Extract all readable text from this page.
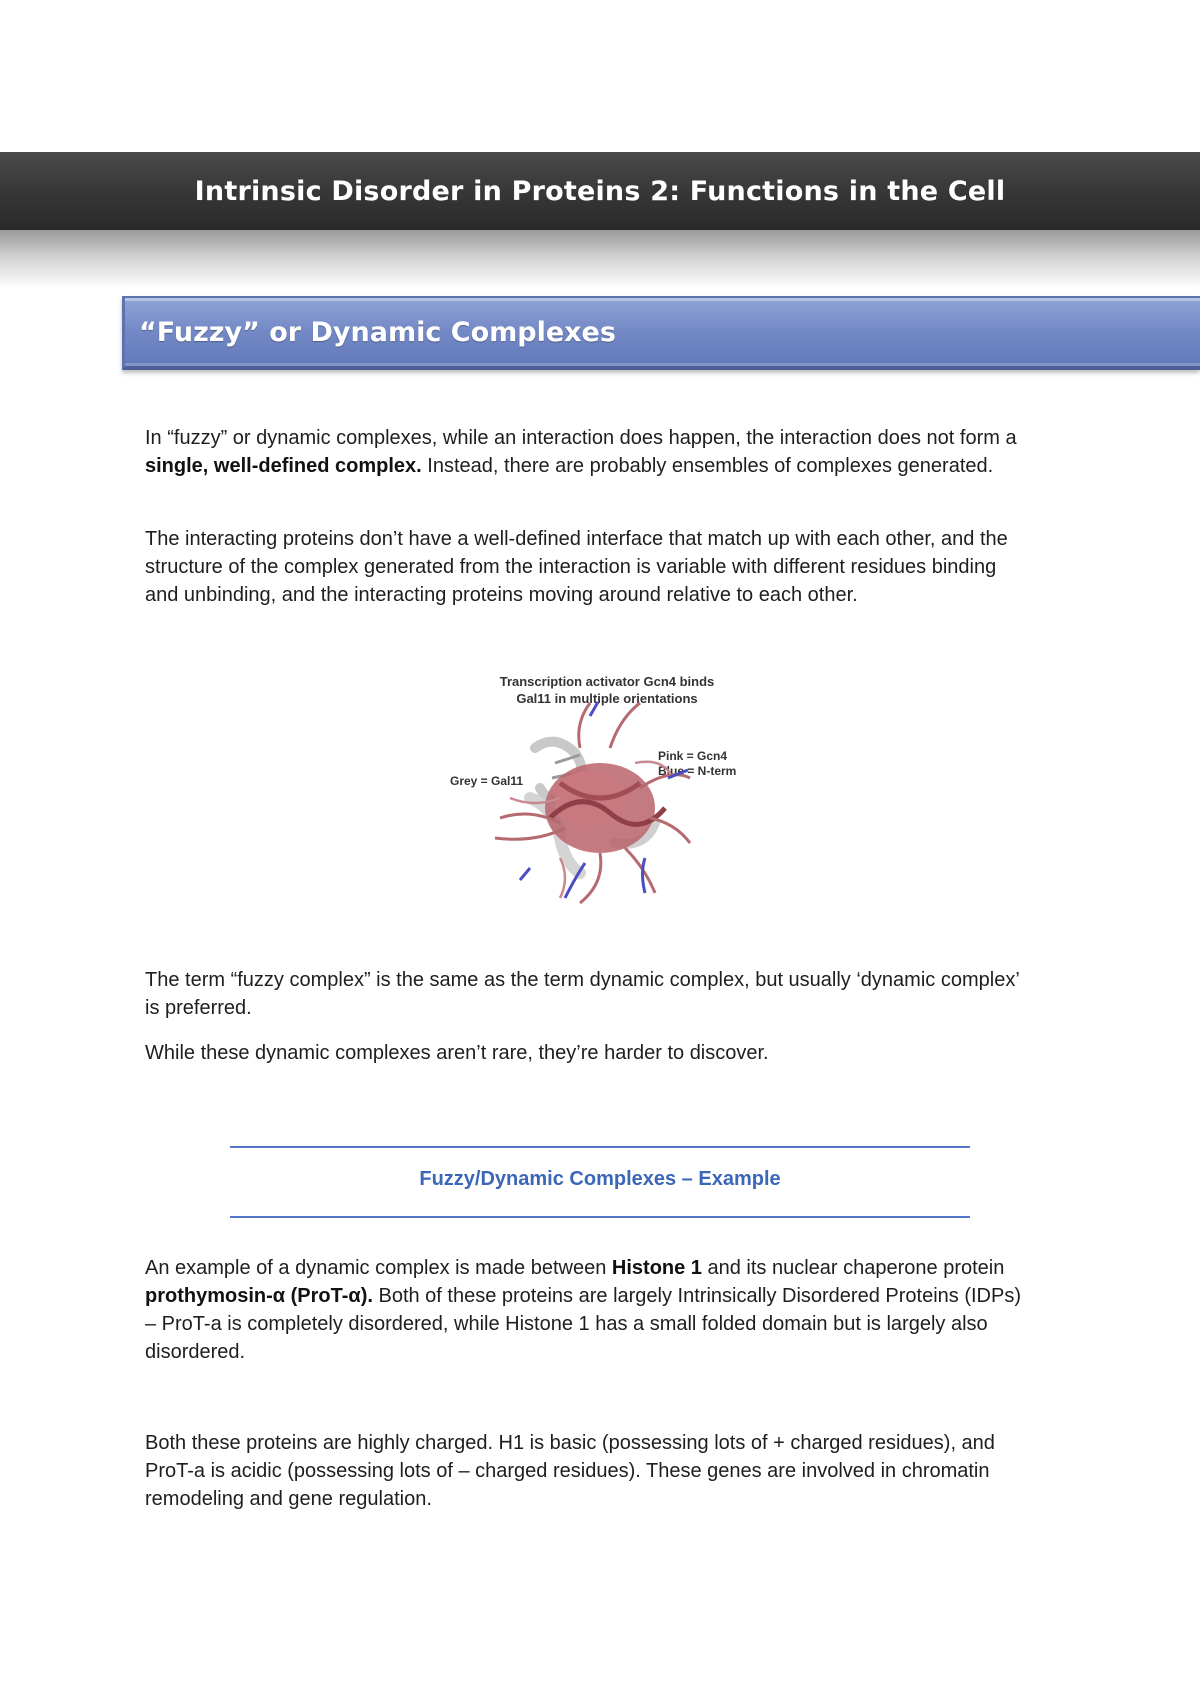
Intrinsic Disorder in Proteins 2: Functions in the Cell
“Fuzzy” or Dynamic Complexes

In “fuzzy” or dynamic complexes, while an interaction does happen, the interaction does not form a single, well-defined complex. Instead, there are probably ensembles of complexes generated.

The interacting proteins don’t have a well-defined interface that match up with each other, and the structure of the complex generated from the interaction is variable with different residues binding and unbinding, and the interacting proteins moving around relative to each other.

Transcription activator Gcn4 binds
Gal11 in multiple orientations
Grey = Gal11
Pink = Gcn4
Blue = N-term

The term “fuzzy complex” is the same as the term dynamic complex, but usually ‘dynamic complex’ is preferred.

While these dynamic complexes aren’t rare, they’re harder to discover.

Fuzzy/Dynamic Complexes – Example

An example of a dynamic complex is made between Histone 1 and its nuclear chaperone protein prothymosin-α (ProT-α). Both of these proteins are largely Intrinsically Disordered Proteins (IDPs) – ProT-a is completely disordered, while Histone 1 has a small folded domain but is largely also disordered.

Both these proteins are highly charged. H1 is basic (possessing lots of + charged residues), and ProT-a is acidic (possessing lots of – charged residues). These genes are involved in chromatin remodeling and gene regulation.
